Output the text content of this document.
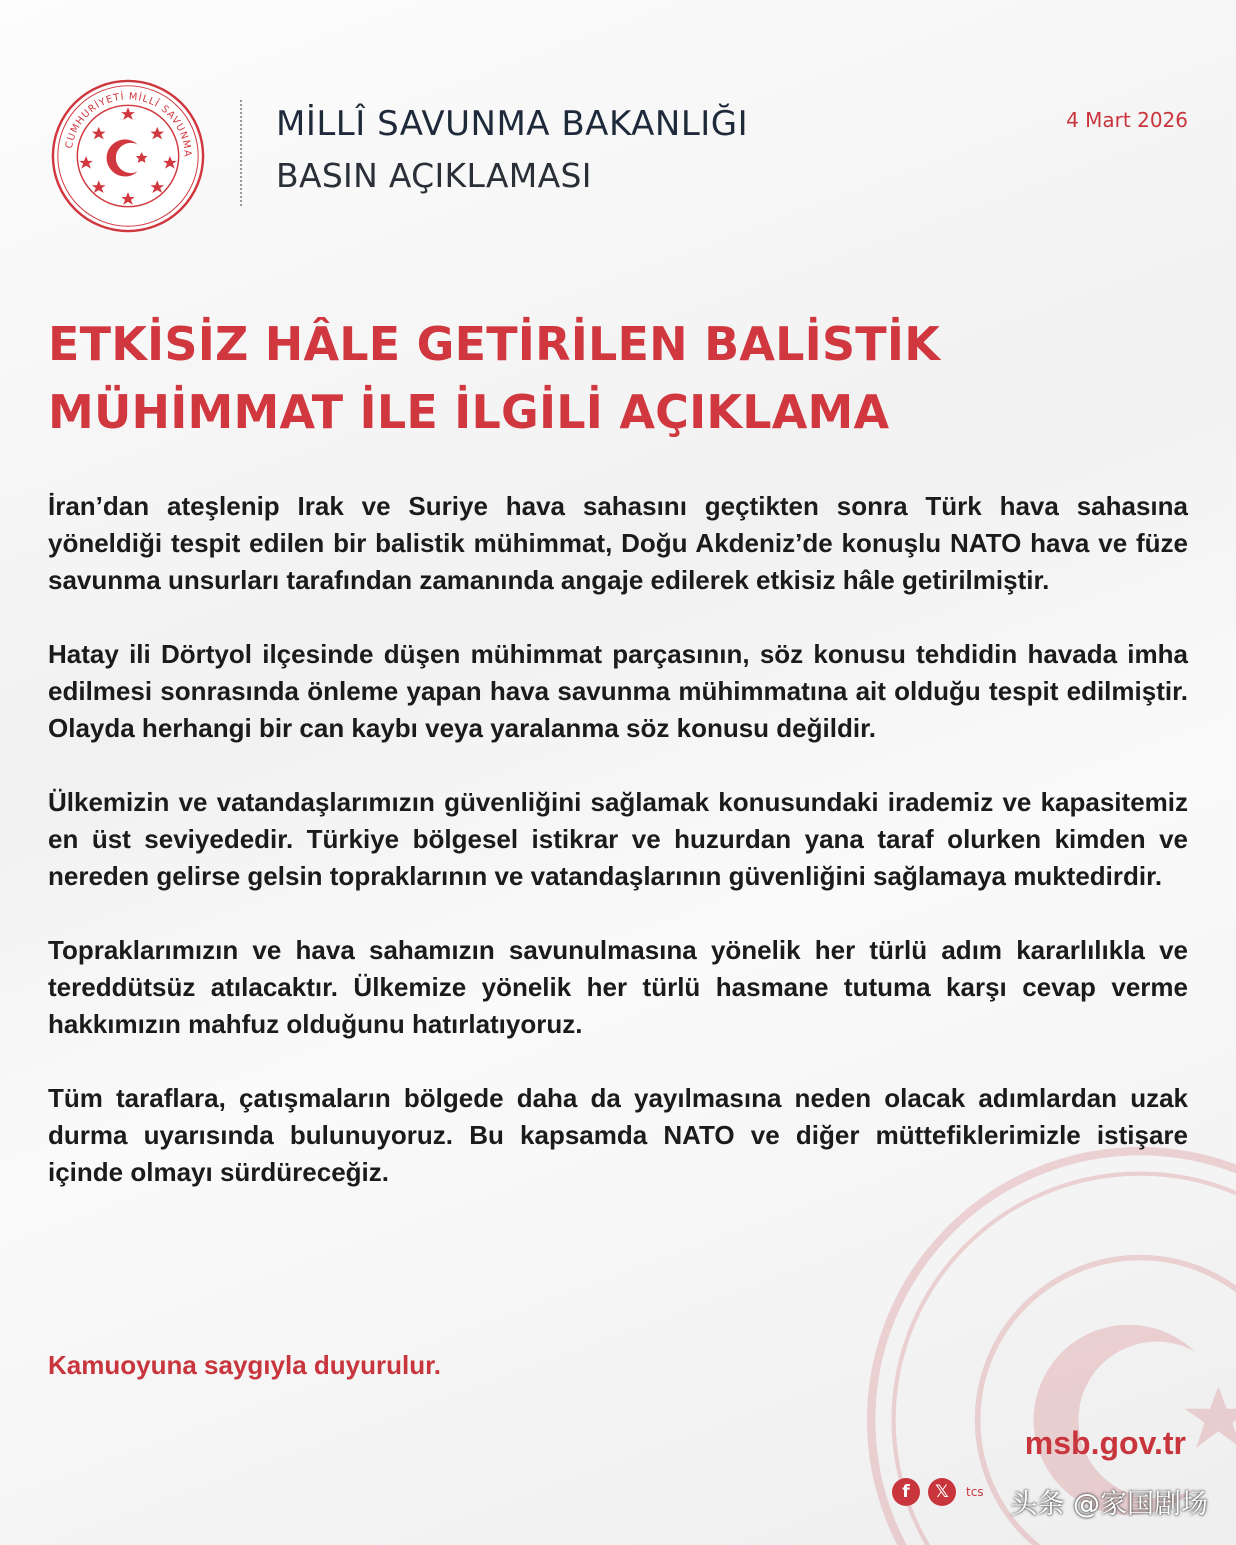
CUMHURİYETİ MİLLÎ SAVUNMA
MİLLÎ SAVUNMA BAKANLIĞI

BASIN AÇIKLAMASI

4 Mart 2026
ETKİSİZ HÂLE GETİRİLEN BALİSTİK
MÜHİMMAT İLE İLGİLİ AÇIKLAMA

İran’dan ateşlenip Irak ve Suriye hava sahasını geçtikten sonra Türk hava sahasına yöneldiği tespit edilen bir balistik mühimmat, Doğu Akdeniz’de konuşlu NATO hava ve füze savunma unsurları tarafından zamanında angaje edilerek etkisiz hâle getirilmiştir.

Hatay ili Dörtyol ilçesinde düşen mühimmat parçasının, söz konusu tehdidin havada imha edilmesi sonrasında önleme yapan hava savunma mühimmatına ait olduğu tespit edilmiştir. Olayda herhangi bir can kaybı veya yaralanma söz konusu değildir.

Ülkemizin ve vatandaşlarımızın güvenliğini sağlamak konusundaki irademiz ve kapasitemiz en üst seviyededir. Türkiye bölgesel istikrar ve huzurdan yana taraf olurken kimden ve nereden gelirse gelsin topraklarının ve vatandaşlarının güvenliğini sağlamaya muktedirdir.

Topraklarımızın ve hava sahamızın savunulmasına yönelik her türlü adım kararlılıkla ve tereddütsüz atılacaktır. Ülkemize yönelik her türlü hasmane tutuma karşı cevap verme hakkımızın mahfuz olduğunu hatırlatıyoruz.

Tüm taraflara, çatışmaların bölgede daha da yayılmasına neden olacak adımlardan uzak durma uyarısında bulunuyoruz. Bu kapsamda NATO ve diğer müttefiklerimizle istişare içinde olmayı sürdüreceğiz.

Kamuoyuna saygıyla duyurulur.
msb.gov.tr
f	𝕏	tcs 头条 @家国剧场
